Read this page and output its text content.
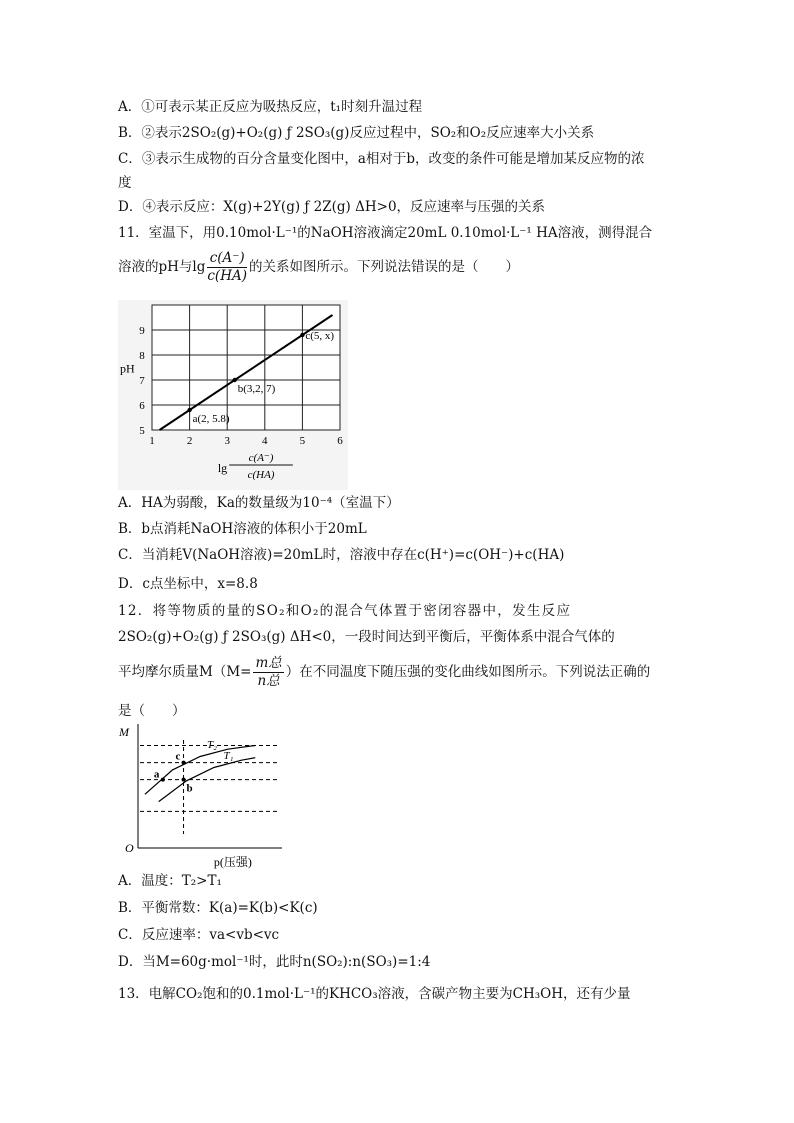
A．①可表示某正反应为吸热反应，t₁时刻升温过程
B．②表示2SO₂(g)+O₂(g) ƒ 2SO₃(g)反应过程中，SO₂和O₂反应速率大小关系
C．③表示生成物的百分含量变化图中，a相对于b，改变的条件可能是增加某反应物的浓
度
D．④表示反应：X(g)+2Y(g) ƒ 2Z(g) ΔH>0，反应速率与压强的关系
11．室温下，用0.10mol·L⁻¹的NaOH溶液滴定20mL 0.10mol·L⁻¹ HA溶液，测得混合
溶液的pH与$\lg \frac{c(A^-)}{c(HA)}$ 的关系如图所示。下列说法错误的是（　　）
1	2	3	4	5	6
5
6
7
8
9
pH
lg
c(A⁻)
c(HA)
a(2, 5.8)
b(3,2, 7)
c(5, x)
A．HA为弱酸，Ka的数量级为10⁻⁴（室温下）
B．b点消耗NaOH溶液的体积小于20mL
C．当消耗V(NaOH溶液)=20mL时，溶液中存在c(H⁺)=c(OH⁻)+c(HA)
D．c点坐标中，x=8.8
12．将等物质的量的SO₂和O₂的混合气体置于密闭容器中，发生反应
2SO₂(g)+O₂(g) ƒ 2SO₃(g) ΔH<0，一段时间达到平衡后，平衡体系中混合气体的
平均摩尔质量$M(M= \frac{\text{m总}}{\text{n总}}$ ）在不同温度下随压强的变化曲线如图所示。下列说法正确的
是（　　）
M
O
p(压强)
T₂
T₁
a
c
b
A．温度：T₂>T₁
B．平衡常数：K(a)=K(b)<K(c)
C．反应速率：va<vb<vc
D．当M=60g·mol⁻¹时，此时n(SO₂):n(SO₃)=1:4
13．电解CO₂饱和的0.1mol·L⁻¹的KHCO₃溶液，含碳产物主要为CH₃OH，还有少量
